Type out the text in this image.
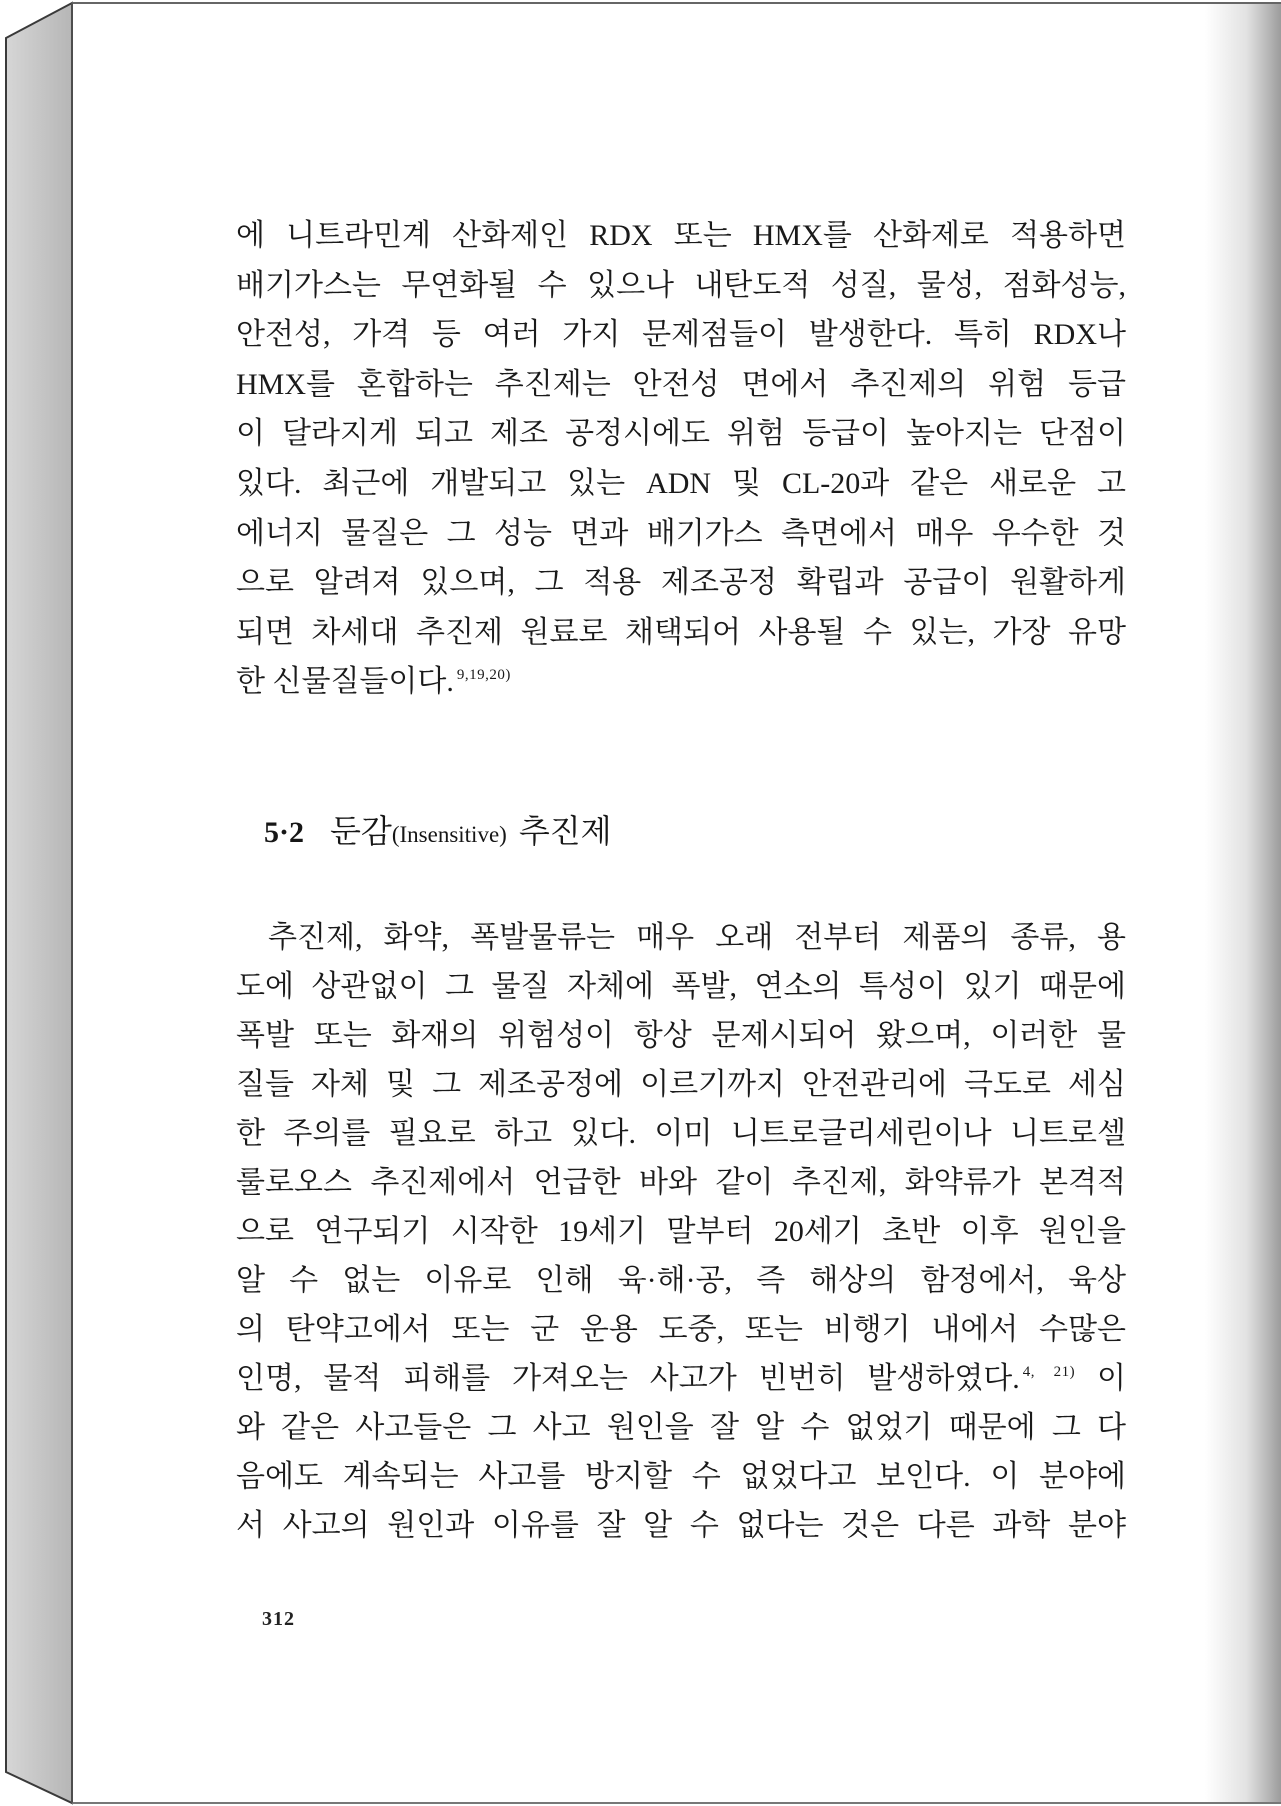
에 니트라민계 산화제인 RDX 또는 HMX를 산화제로 적용하면
배기가스는 무연화될 수 있으나 내탄도적 성질, 물성, 점화성능,
안전성, 가격 등 여러 가지 문제점들이 발생한다. 특히 RDX나
HMX를 혼합하는 추진제는 안전성 면에서 추진제의 위험 등급
이 달라지게 되고 제조 공정시에도 위험 등급이 높아지는 단점이
있다. 최근에 개발되고 있는 ADN 및 CL-20과 같은 새로운 고
에너지 물질은 그 성능 면과 배기가스 측면에서 매우 우수한 것
으로 알려져 있으며, 그 적용 제조공정 확립과 공급이 원활하게
되면 차세대 추진제 원료로 채택되어 사용될 수 있는, 가장 유망
한 신물질들이다. $^{9,19,20)}$
5·2 둔감(Insensitive) 추진제
추진제, 화약, 폭발물류는 매우 오래 전부터 제품의 종류, 용
도에 상관없이 그 물질 자체에 폭발, 연소의 특성이 있기 때문에
폭발 또는 화재의 위험성이 항상 문제시되어 왔으며, 이러한 물
질들 자체 및 그 제조공정에 이르기까지 안전관리에 극도로 세심
한 주의를 필요로 하고 있다. 이미 니트로글리세린이나 니트로셀
룰로오스 추진제에서 언급한 바와 같이 추진제, 화약류가 본격적
으로 연구되기 시작한 19세기 말부터 20세기 초반 이후 원인을
알 수 없는 이유로 인해 육·해·공, 즉 해상의 함정에서, 육상
의 탄약고에서 또는 군 운용 도중, 또는 비행기 내에서 수많은
인명, 물적 피해를 가져오는 사고가 빈번히 발생하였다. $^{4, 21)}$ 이
와 같은 사고들은 그 사고 원인을 잘 알 수 없었기 때문에 그 다
음에도 계속되는 사고를 방지할 수 없었다고 보인다. 이 분야에
서 사고의 원인과 이유를 잘 알 수 없다는 것은 다른 과학 분야
312
